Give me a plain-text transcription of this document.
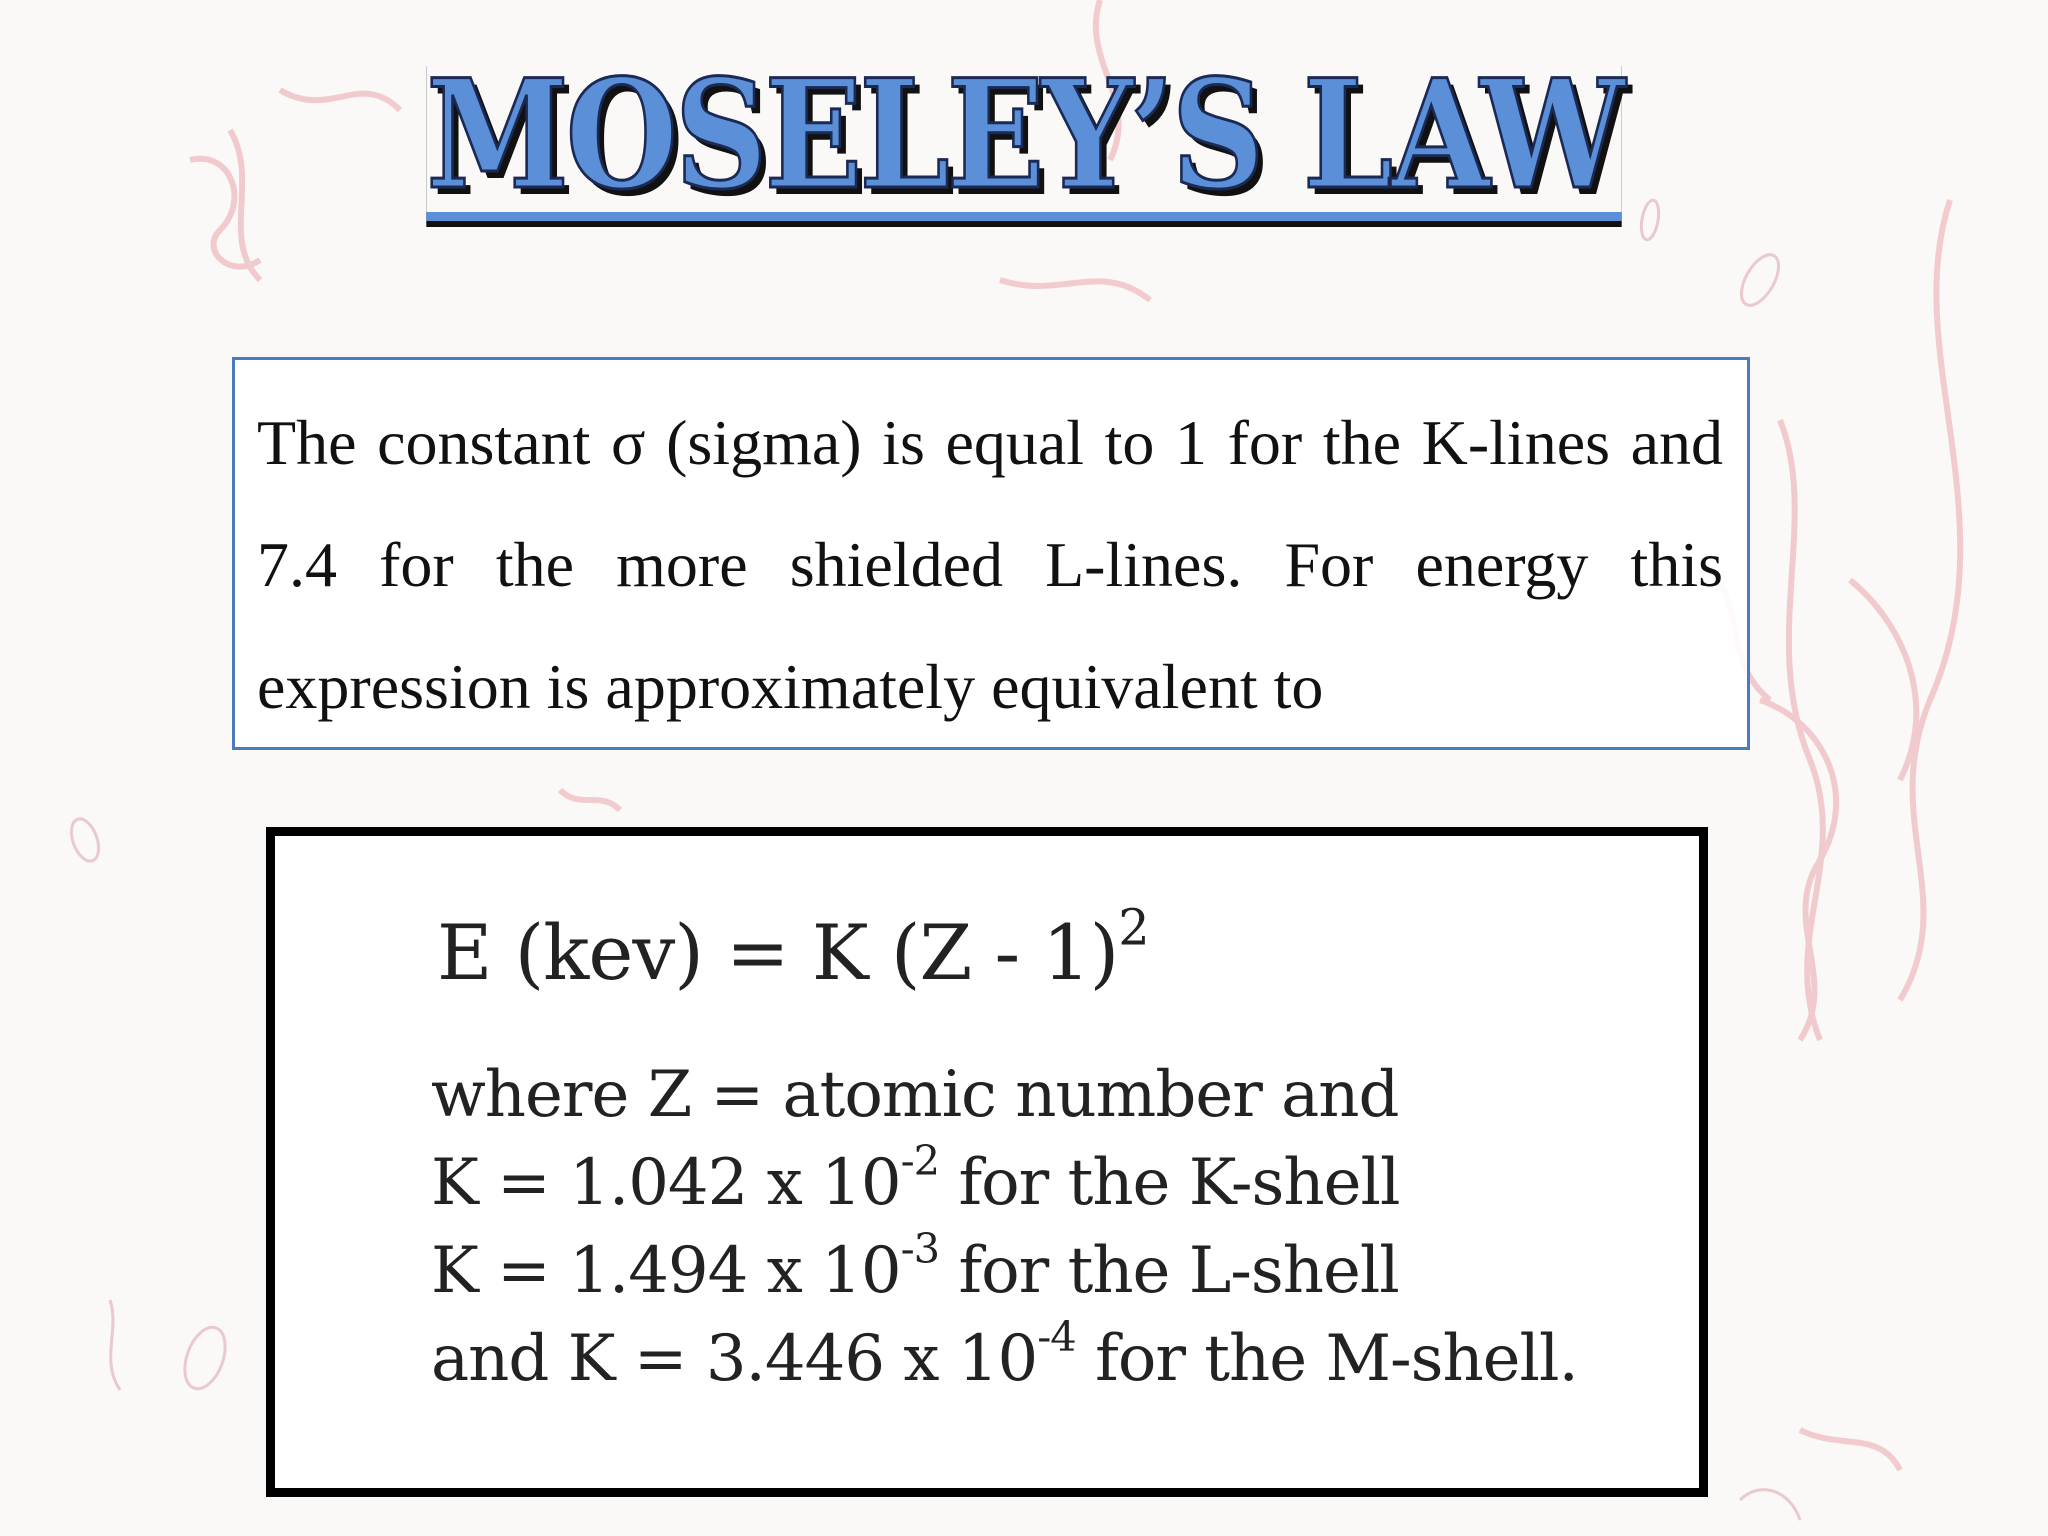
MOSELEY’S LAW

The constant σ (sigma) is equal to 1 for the K-lines and 7.4 for the more shielded L-lines. For energy this expression is approximately equivalent to

E (kev) = K (Z - 1)$^2$
where Z = atomic number and
K = 1.042 x $10^{-2}$ for the K-shell
K = 1.494 x $10^{-3}$ for the L-shell
and K = 3.446 x $10^{-4}$ for the M-shell.
